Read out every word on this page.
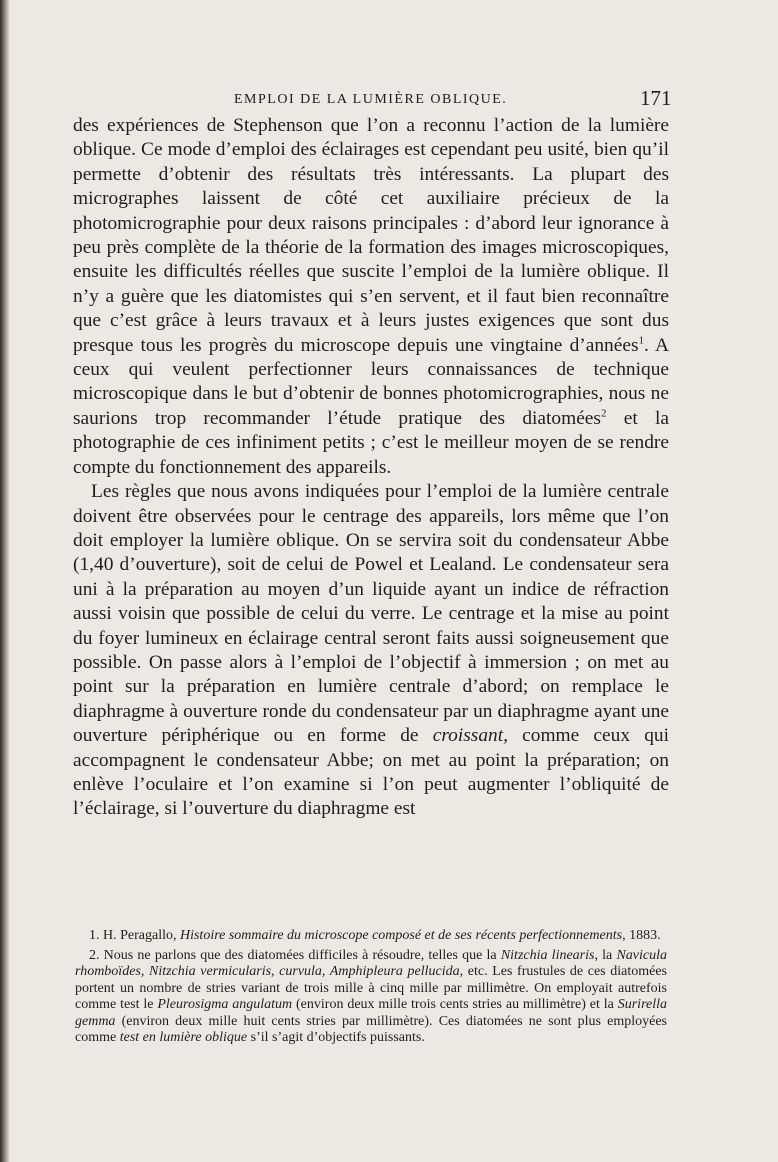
EMPLOI DE LA LUMIÈRE OBLIQUE.	171

des expériences de Stephenson que l’on a reconnu l’action de la lumière oblique. Ce mode d’emploi des éclairages est cependant peu usité, bien qu’il permette d’obtenir des résultats très intéressants. La plupart des micrographes laissent de côté cet auxiliaire précieux de la photomicrographie pour deux raisons principales : d’abord leur ignorance à peu près complète de la théorie de la formation des images microscopiques, ensuite les difficultés réelles que suscite l’emploi de la lumière oblique. Il n’y a guère que les diatomistes qui s’en servent, et il faut bien reconnaître que c’est grâce à leurs travaux et à leurs justes exigences que sont dus presque tous les progrès du microscope depuis une vingtaine d’années$^1$. A ceux qui veulent perfectionner leurs connaissances de technique microscopique dans le but d’obtenir de bonnes photomicrographies, nous ne saurions trop recommander l’étude pratique des diatomées$^2$ et la photographie de ces infiniment petits ; c’est le meilleur moyen de se rendre compte du fonctionnement des appareils.

Les règles que nous avons indiquées pour l’emploi de la lumière centrale doivent être observées pour le centrage des appareils, lors même que l’on doit employer la lumière oblique. On se servira soit du condensateur Abbe (1,40 d’ouverture), soit de celui de Powel et Lealand. Le condensateur sera uni à la préparation au moyen d’un liquide ayant un indice de réfraction aussi voisin que possible de celui du verre. Le centrage et la mise au point du foyer lumineux en éclairage central seront faits aussi soigneusement que possible. On passe alors à l’emploi de l’objectif à immersion ; on met au point sur la préparation en lumière centrale d’abord; on remplace le diaphragme à ouverture ronde du condensateur par un diaphragme ayant une ouverture périphérique ou en forme de croissant, comme ceux qui accompagnent le condensateur Abbe; on met au point la préparation; on enlève l’oculaire et l’on examine si l’on peut augmenter l’obliquité de l’éclairage, si l’ouverture du diaphragme est

1. H. Peragallo, Histoire sommaire du microscope composé et de ses récents perfectionnements, 1883.

2. Nous ne parlons que des diatomées difficiles à résoudre, telles que la Nitzchia linearis, la Navicula rhomboïdes, Nitzchia vermicularis, curvula, Amphipleura pellucida, etc. Les frustules de ces diatomées portent un nombre de stries variant de trois mille à cinq mille par millimètre. On employait autrefois comme test le Pleurosigma angulatum (environ deux mille trois cents stries au millimètre) et la Surirella gemma (environ deux mille huit cents stries par millimètre). Ces diatomées ne sont plus employées comme test en lumière oblique s’il s’agit d’objectifs puissants.
